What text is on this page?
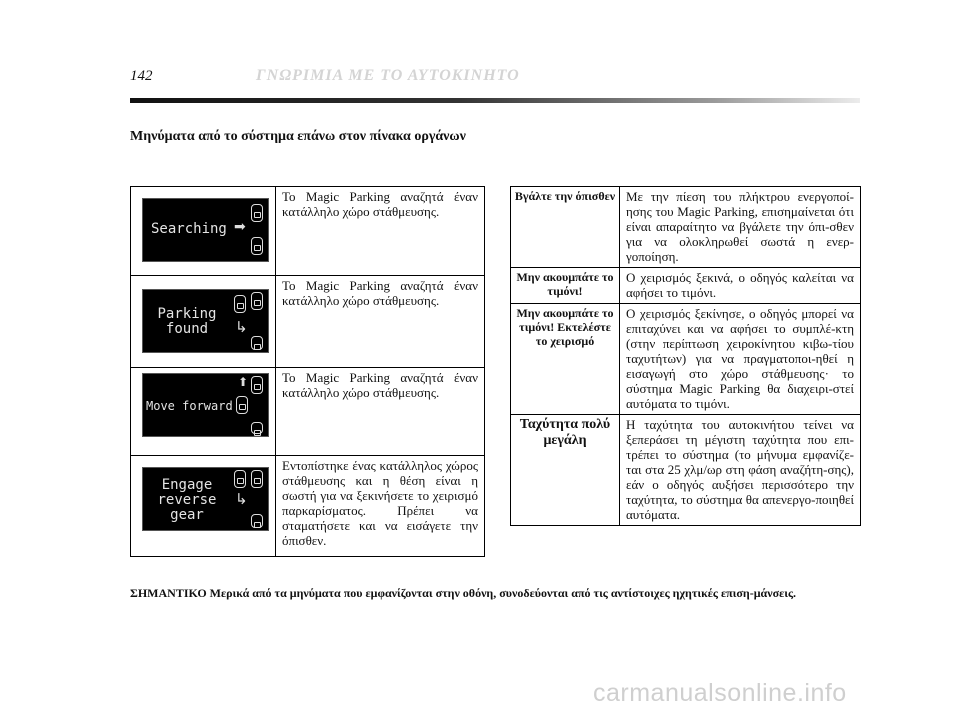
142	ΓΝΩΡΙΜΙΑ ΜΕ ΤΟ ΑΥΤΟΚΙΝΗΤΟ
Μηνύματα από το σύστημα επάνω στον πίνακα οργάνων
Searching ➡	Το Magic Parking αναζητά έναν κατάλληλο χώρο στάθμευσης.

Parking
found ↳	Το Magic Parking αναζητά έναν κατάλληλο χώρο στάθμευσης.

Move forward
⬆	Το Magic Parking αναζητά έναν κατάλληλο χώρο στάθμευσης.

Engage
reverse
gear
↳	Εντοπίστηκε ένας κατάλληλος χώρος στάθμευσης και η θέση είναι η σωστή για να ξεκινήσετε το χειρισμό παρκαρίσματος. Πρέπει να σταματήσετε και να εισάγετε την όπισθεν.
Βγάλτε την όπισθεν	Με την πίεση του πλήκτρου ενεργοποί-ησης του Magic Parking, επισημαίνεται ότι είναι απαραίτητο να βγάλετε την όπι-σθεν για να ολοκληρωθεί σωστά η ενερ-γοποίηση.
Μην ακουμπάτε το τιμόνι!	Ο χειρισμός ξεκινά, ο οδηγός καλείται να αφήσει το τιμόνι.
Μην ακουμπάτε το τιμόνι! Εκτελέστε το χειρισμό	Ο χειρισμός ξεκίνησε, ο οδηγός μπορεί να επιταχύνει και να αφήσει το συμπλέ-κτη (στην περίπτωση χειροκίνητου κιβω-τίου ταχυτήτων) για να πραγματοποι-ηθεί η εισαγωγή στο χώρο στάθμευσης· το σύστημα Magic Parking θα διαχειρι-στεί αυτόματα το τιμόνι.
Ταχύτητα πολύ μεγάλη	Η ταχύτητα του αυτοκινήτου τείνει να ξεπεράσει τη μέγιστη ταχύτητα που επι-τρέπει το σύστημα (το μήνυμα εμφανίζε-ται στα 25 χλμ/ωρ στη φάση αναζήτη-σης), εάν ο οδηγός αυξήσει περισσότερο την ταχύτητα, το σύστημα θα απενεργο-ποιηθεί αυτόματα.
ΣΗΜΑΝΤΙΚΟ Μερικά από τα μηνύματα που εμφανίζονται στην οθόνη, συνοδεύονται από τις αντίστοιχες ηχητικές επιση-μάνσεις.
carmanualsonline.info
